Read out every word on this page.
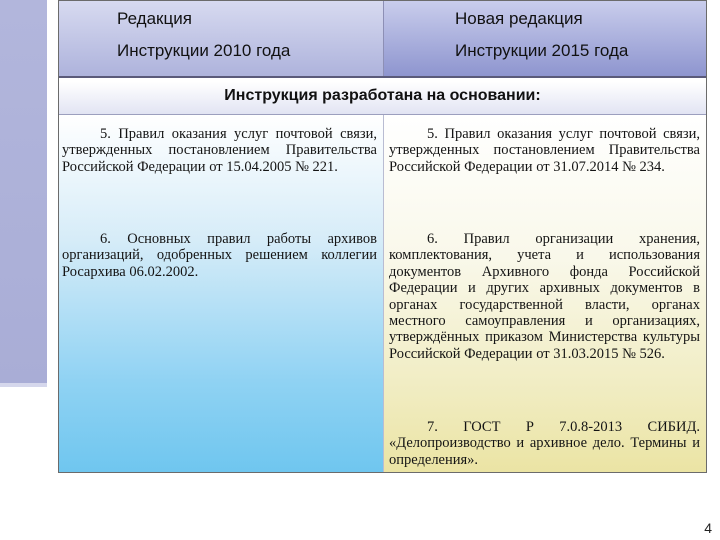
Редакция
Инструкции 2010 года
Новая редакция
Инструкции 2015 года
Инструкция разработана на основании:
5. Правил оказания услуг почтовой связи, утвержденных постановлением Правительства Российской Федерации от 15.04.2005 № 221.
6. Основных правил работы архивов организаций, одобренных решением коллегии Росархива 06.02.2002.
5. Правил оказания услуг почтовой связи, утвержденных постановлением Правительства Российской Федерации от 31.07.2014 № 234.
6. Правил организации хранения, комплектования, учета и использования документов Архивного фонда Российской Федерации и других архивных документов в органах государственной власти, органах местного самоуправления и организациях, утверждённых приказом Министерства культуры Российской Федерации от 31.03.2015 № 526.
7. ГОСТ Р 7.0.8-2013 СИБИД. «Делопроизводство и архивное дело. Термины и определения».
4
